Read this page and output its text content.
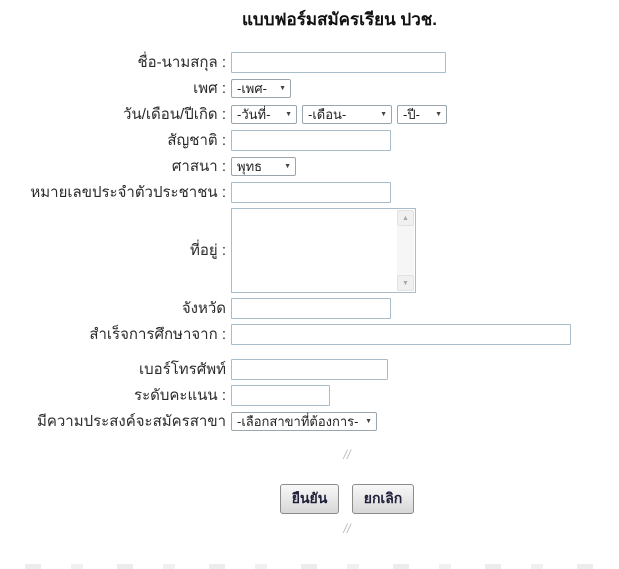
แบบฟอร์มสมัครเรียน ปวช.
ชื่อ-นามสกุล :
เพศ : -เพศ- ▼
วัน/เดือน/ปีเกิด : -วันที่- ▼ -เดือน-	▼ -ปี- ▼
สัญชาติ :
ศาสนา : พุทธ	▼
หมายเลขประจำตัวประชาชน :
ที่อยู่ :
▲
▼
จังหวัด
สำเร็จการศึกษาจาก :
เบอร์โทรศัพท์
ระดับคะแนน :
มีความประสงค์จะสมัครสาขา -เลือกสาขาที่ต้องการ- ▼
//
ยืนยัน	ยกเลิก
//
